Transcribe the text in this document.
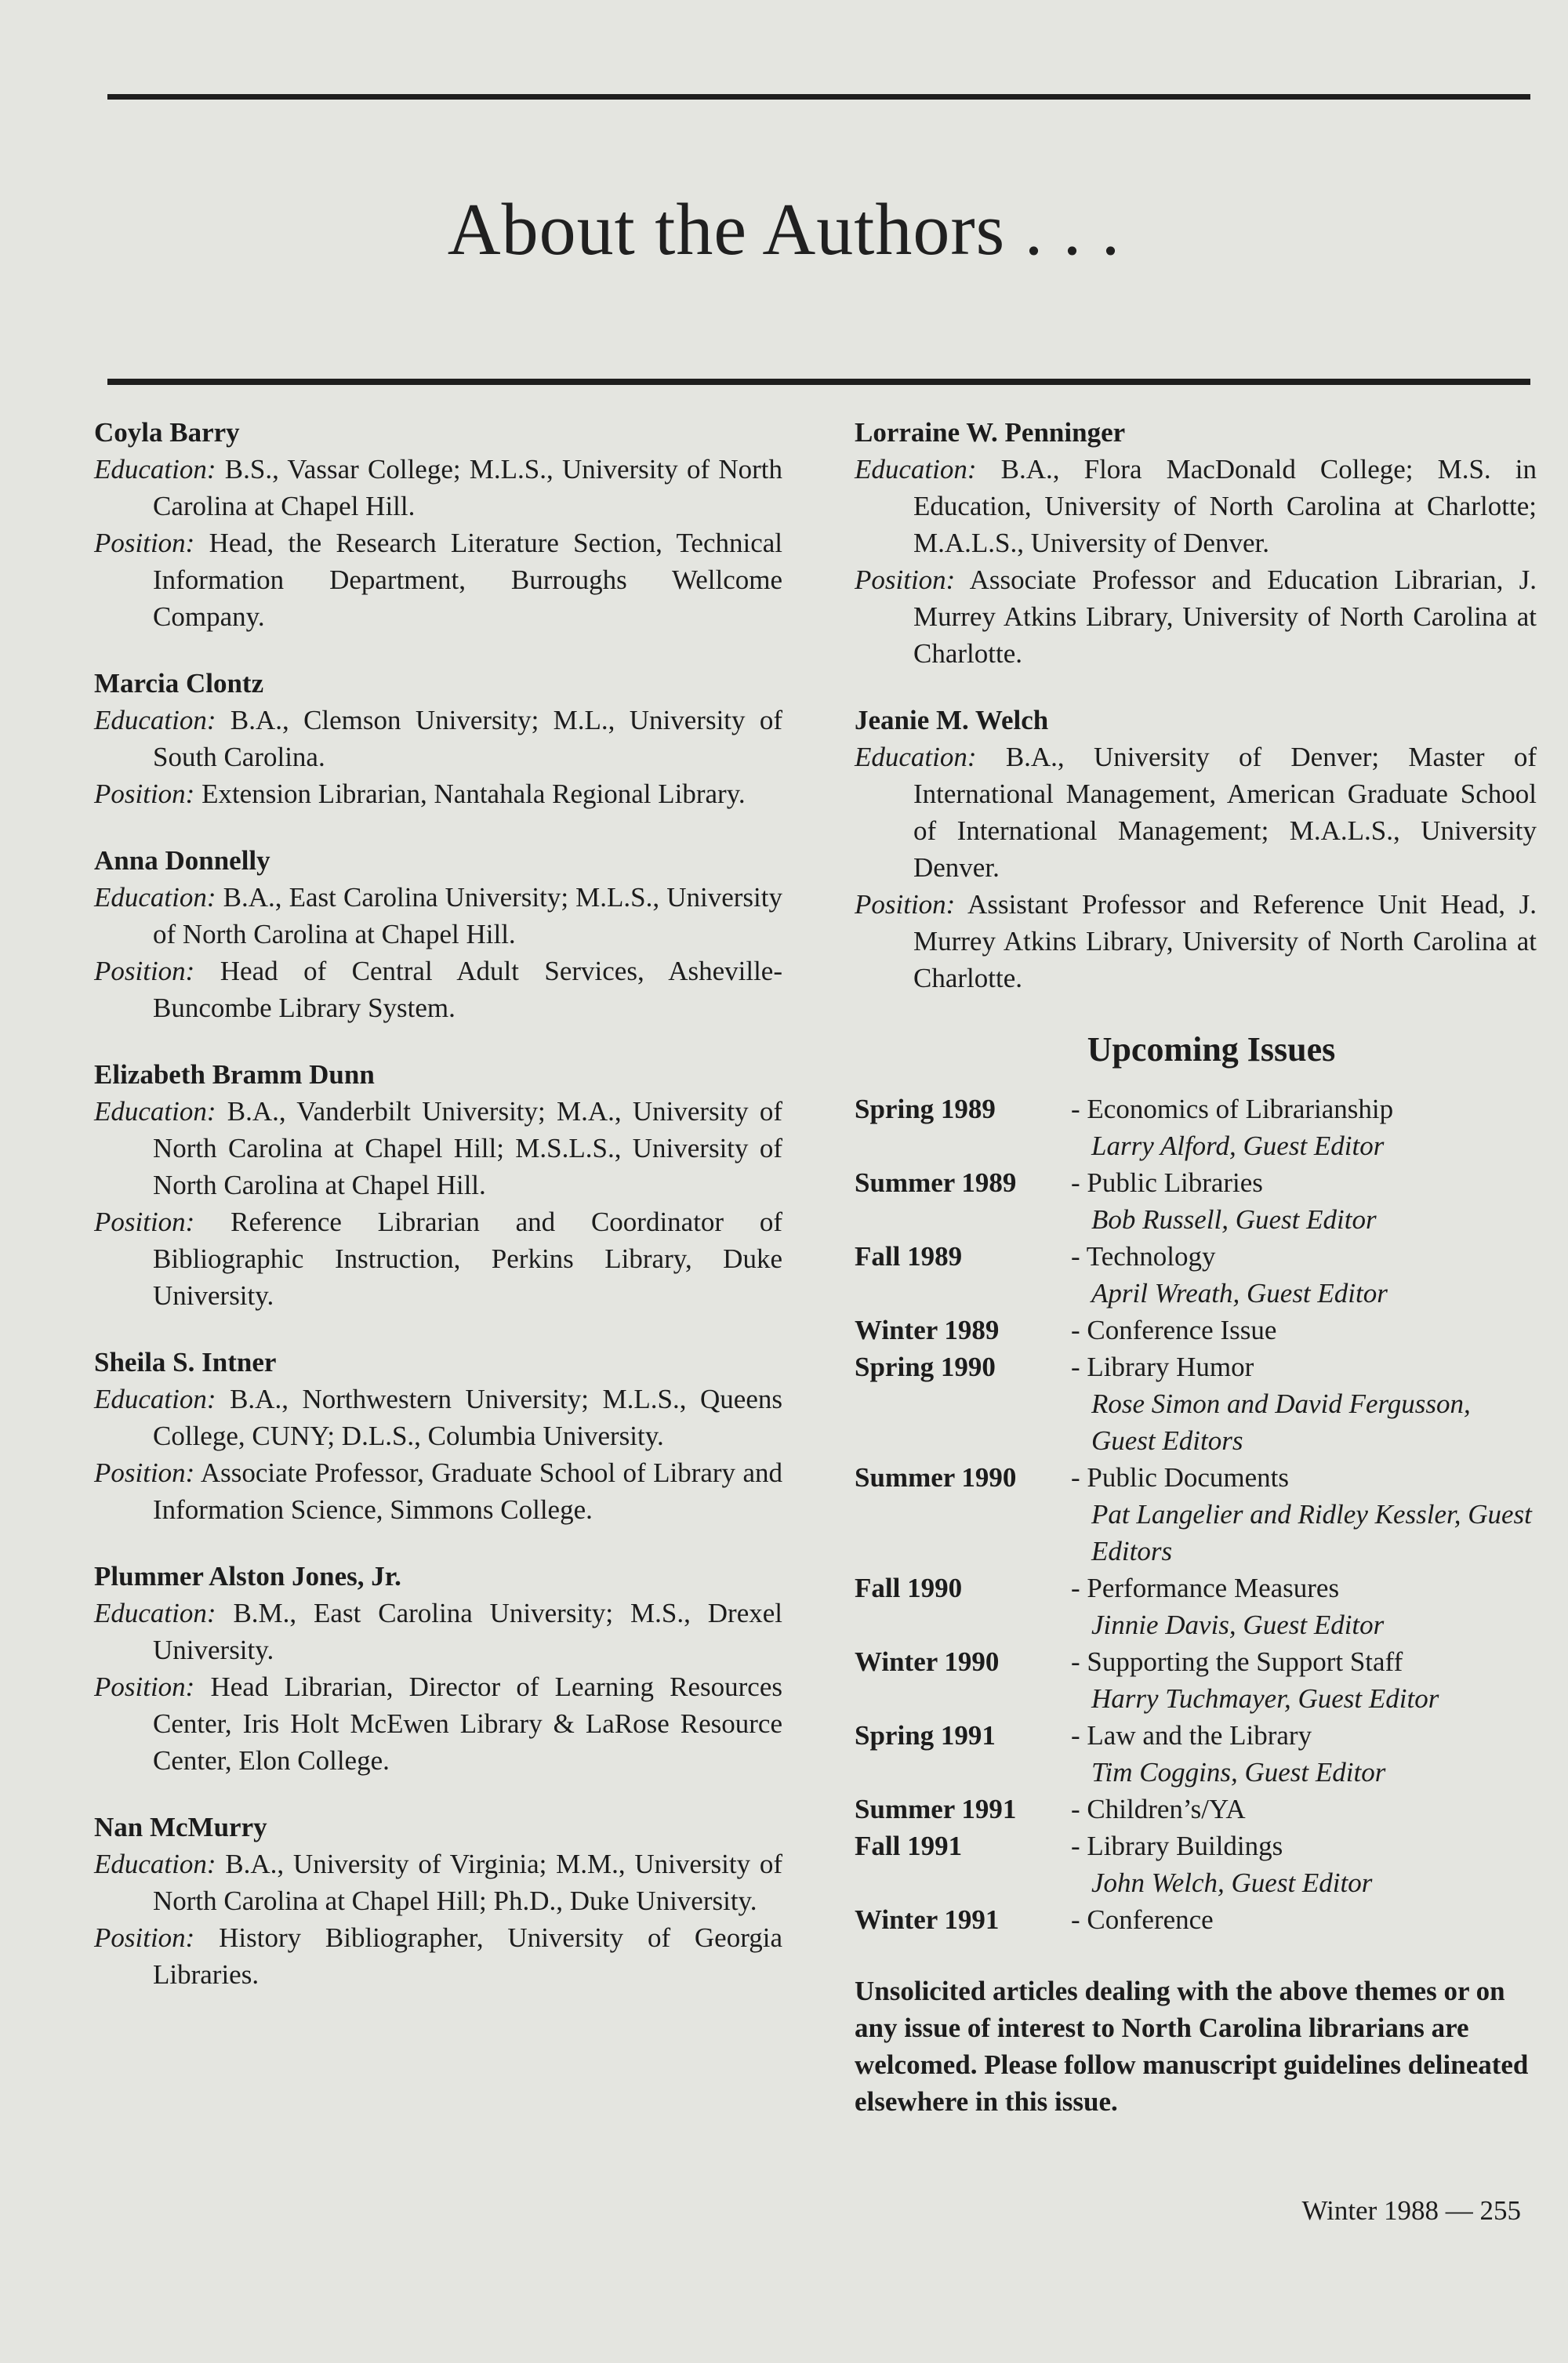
About the Authors . . .
Coyla Barry
Education: B.S., Vassar College; M.L.S., University of North Carolina at Chapel Hill.
Position: Head, the Research Literature Section, Technical Information Department, Burroughs Wellcome Company.
Marcia Clontz
Education: B.A., Clemson University; M.L., University of South Carolina.
Position: Extension Librarian, Nantahala Regional Library.
Anna Donnelly
Education: B.A., East Carolina University; M.L.S., University of North Carolina at Chapel Hill.
Position: Head of Central Adult Services, Asheville-Buncombe Library System.
Elizabeth Bramm Dunn
Education: B.A., Vanderbilt University; M.A., University of North Carolina at Chapel Hill; M.S.L.S., University of North Carolina at Chapel Hill.
Position: Reference Librarian and Coordinator of Bibliographic Instruction, Perkins Library, Duke University.
Sheila S. Intner
Education: B.A., Northwestern University; M.L.S., Queens College, CUNY; D.L.S., Columbia University.
Position: Associate Professor, Graduate School of Library and Information Science, Simmons College.
Plummer Alston Jones, Jr.
Education: B.M., East Carolina University; M.S., Drexel University.
Position: Head Librarian, Director of Learning Resources Center, Iris Holt McEwen Library & LaRose Resource Center, Elon College.
Nan McMurry
Education: B.A., University of Virginia; M.M., University of North Carolina at Chapel Hill; Ph.D., Duke University.
Position: History Bibliographer, University of Georgia Libraries.
Lorraine W. Penninger
Education: B.A., Flora MacDonald College; M.S. in Education, University of North Carolina at Charlotte; M.A.L.S., University of Denver.
Position: Associate Professor and Education Librarian, J. Murrey Atkins Library, University of North Carolina at Charlotte.
Jeanie M. Welch
Education: B.A., University of Denver; Master of International Management, American Graduate School of International Management; M.A.L.S., University Denver.
Position: Assistant Professor and Reference Unit Head, J. Murrey Atkins Library, University of North Carolina at Charlotte.
Upcoming Issues
Spring 1989	- Economics of Librarianship
Larry Alford, Guest Editor
Summer 1989	- Public Libraries
Bob Russell, Guest Editor
Fall 1989	- Technology
April Wreath, Guest Editor
Winter 1989	- Conference Issue
Spring 1990	- Library Humor
Rose Simon and David Fergusson, Guest Editors
Summer 1990	- Public Documents
Pat Langelier and Ridley Kessler, Guest Editors
Fall 1990	- Performance Measures
Jinnie Davis, Guest Editor
Winter 1990	- Supporting the Support Staff
Harry Tuchmayer, Guest Editor
Spring 1991	- Law and the Library
Tim Coggins, Guest Editor
Summer 1991	- Children’s/YA
Fall 1991	- Library Buildings
John Welch, Guest Editor
Winter 1991	- Conference
Unsolicited articles dealing with the above themes or on any issue of interest to North Carolina librarians are welcomed. Please follow manuscript guidelines delineated elsewhere in this issue.
Winter 1988 — 255
